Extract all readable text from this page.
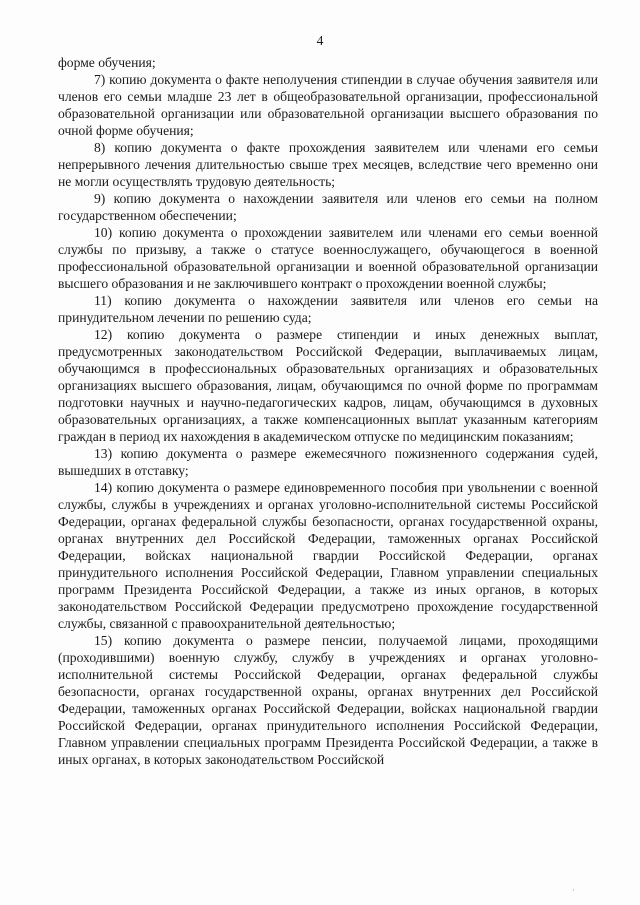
4

форме обучения;

7) копию документа о факте неполучения стипендии в случае обучения заявителя или членов его семьи младше 23 лет в общеобразовательной организации, профессиональной образовательной организации или образовательной организации высшего образования по очной форме обучения;

8) копию документа о факте прохождения заявителем или членами его семьи непрерывного лечения длительностью свыше трех месяцев, вследствие чего временно они не могли осуществлять трудовую деятельность;

9) копию документа о нахождении заявителя или членов его семьи на полном государственном обеспечении;

10) копию документа о прохождении заявителем или членами его семьи военной службы по призыву, а также о статусе военнослужащего, обучающегося в военной профессиональной образовательной организации и военной образовательной организации высшего образования и не заключившего контракт о прохождении военной службы;

11) копию документа о нахождении заявителя или членов его семьи на принудительном лечении по решению суда;

12) копию документа о размере стипендии и иных денежных выплат, предусмотренных законодательством Российской Федерации, выплачиваемых лицам, обучающимся в профессиональных образовательных организациях и образовательных организациях высшего образования, лицам, обучающимся по очной форме по программам подготовки научных и научно-педагогических кадров, лицам, обучающимся в духовных образовательных организациях, а также компенсационных выплат указанным категориям граждан в период их нахождения в академическом отпуске по медицинским показаниям;

13) копию документа о размере ежемесячного пожизненного содержания судей, вышедших в отставку;

14) копию документа о размере единовременного пособия при увольнении с военной службы, службы в учреждениях и органах уголовно-исполнительной системы Российской Федерации, органах федеральной службы безопасности, органах государственной охраны, органах внутренних дел Российской Федерации, таможенных органах Российской Федерации, войсках национальной гвардии Российской Федерации, органах принудительного исполнения Российской Федерации, Главном управлении специальных программ Президента Российской Федерации, а также из иных органов, в которых законодательством Российской Федерации предусмотрено прохождение государственной службы, связанной с правоохранительной деятельностью;

15) копию документа о размере пенсии, получаемой лицами, проходящими (проходившими) военную службу, службу в учреждениях и органах уголовно-исполнительной системы Российской Федерации, органах федеральной службы безопасности, органах государственной охраны, органах внутренних дел Российской Федерации, таможенных органах Российской Федерации, войсках национальной гвардии Российской Федерации, органах принудительного исполнения Российской Федерации, Главном управлении специальных программ Президента Российской Федерации, а также в иных органах, в которых законодательством Российской

·
